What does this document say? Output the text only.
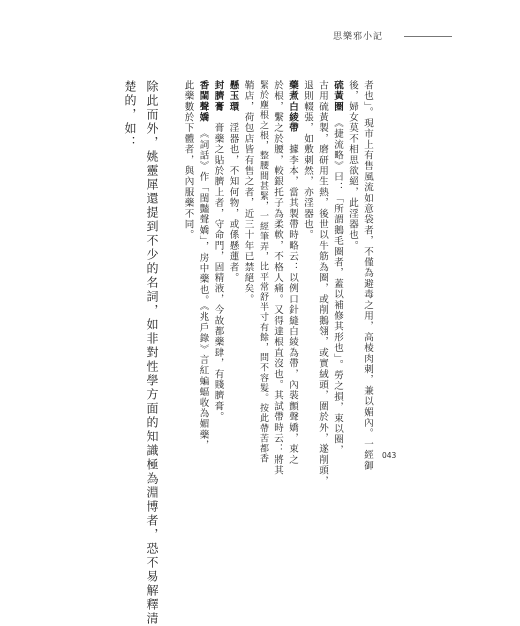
思樂邪小記
者也」。現市上有售風流如意袋者，不僅為避毒之用，高棱肉刺，兼以媚內。一經御
後，婦女莫不相思欲絕，此淫器也。
硫黃圈　《捷流略》曰：「所謂鵝毛圈者，蓋以補修其形也」。勞之損，束以圈，
古用硫黃製，磨研用生熱，後世以牛筋為圈，或削鵝翎，或實絨頭，圍於外，遂削頭，
退則輟張，如敷刺然，亦淫器也。
藥煮白綾帶　據李本，當其製帶時略云：以例口針縫白綾為帶，內裝顫聲嬌，束之
於根，繫之於腰，較銀托子為柔軟，不格人痛。又得達根直沒也。其試帶時云：將其
緊於塵根之根，整腰間甚緊，一經筆弄，比平常舒半寸有餘，問不容髮。按此帶苦都香
鞘店，荷包店皆有售之者，近三十年已禁絕矣。
懸玉環　淫器也，不知何物，或係懸蓮者。
封臍膏　膏藥之貼於臍上者，守命門，固精液，今故都藥肆，有賤臍膏。
香閨聲嬌　《詞話》作「閨豔聲嬌」，房中藥也。《兆戶錄》言紅蝙蝠收為媚藥，
此藥數於下體者，與內服藥不同。
除此而外，姚靈犀還提到不少的名詞，如非對性學方面的知識極為淵博者，恐不易解釋清
楚的，如：
043
